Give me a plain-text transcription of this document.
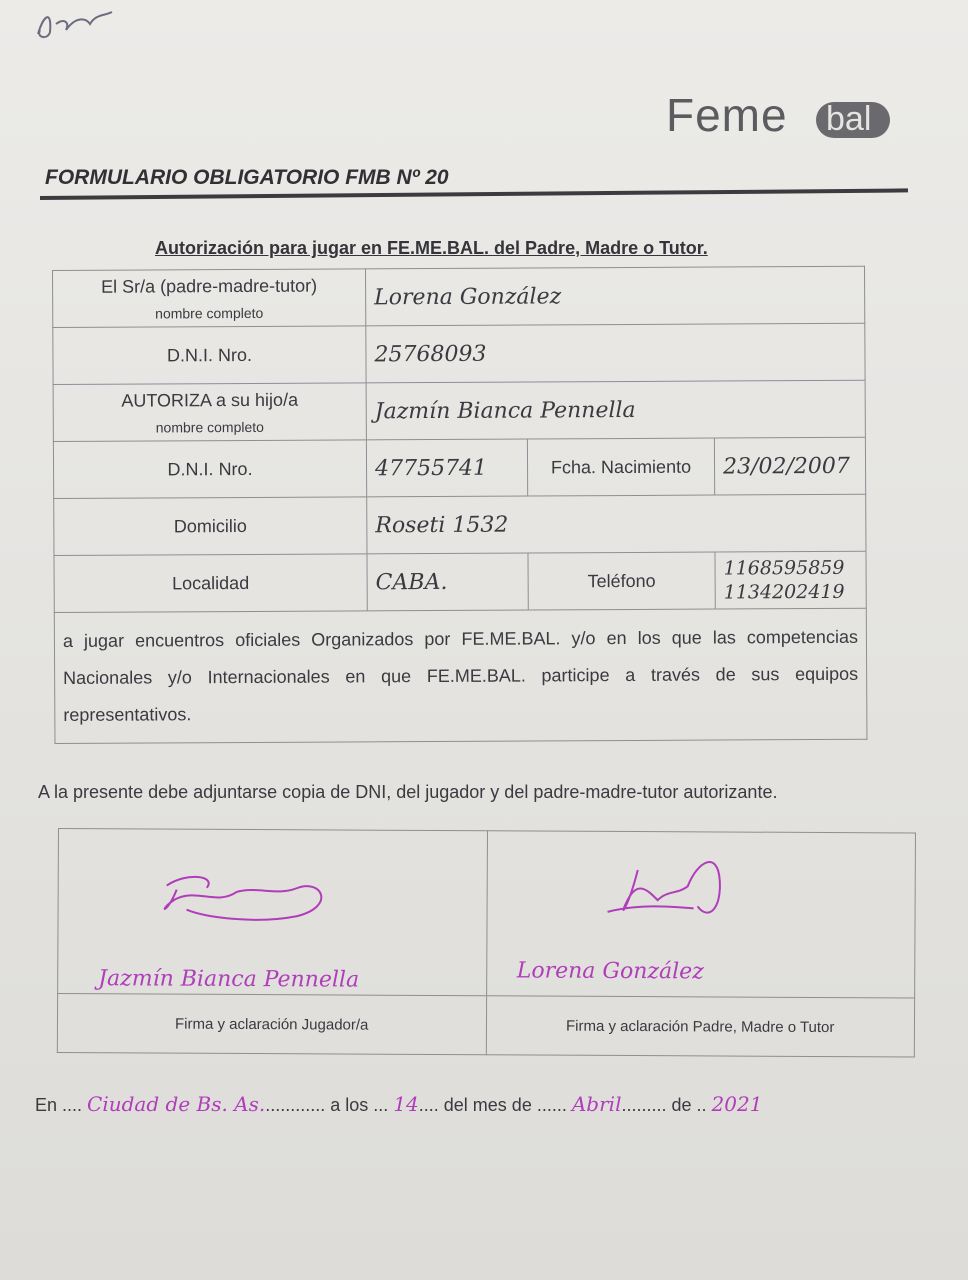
Feme bal
FORMULARIO OBLIGATORIO FMB Nº 20
Autorización para jugar en FE.ME.BAL. del Padre, Madre o Tutor.
El Sr/a (padre-madre-tutor)
nombre completo	Lorena González		
D.N.I. Nro.	25768093		
AUTORIZA a su hijo/a
nombre completo	Jazmín Bianca Pennella		
D.N.I. Nro.	47755741	Fcha. Nacimiento	23/02/2007
Domicilio	Roseti 1532		
Localidad	CABA.	Teléfono	1168595859
1134202419

a jugar encuentros oficiales Organizados por FE.ME.BAL. y/o en los que las competencias Nacionales y/o Internacionales en que FE.ME.BAL. participe a través de sus equipos representativos.			
A la presente debe adjuntarse copia de DNI, del jugador y del padre-madre-tutor autorizante.
Jazmín Bianca Pennella	Lorena González

Firma y aclaración Jugador/a	Firma y aclaración Padre, Madre o Tutor
En .... Ciudad de Bs. As............. a los ... 14.... del mes de ...... Abril......... de .. 2021
